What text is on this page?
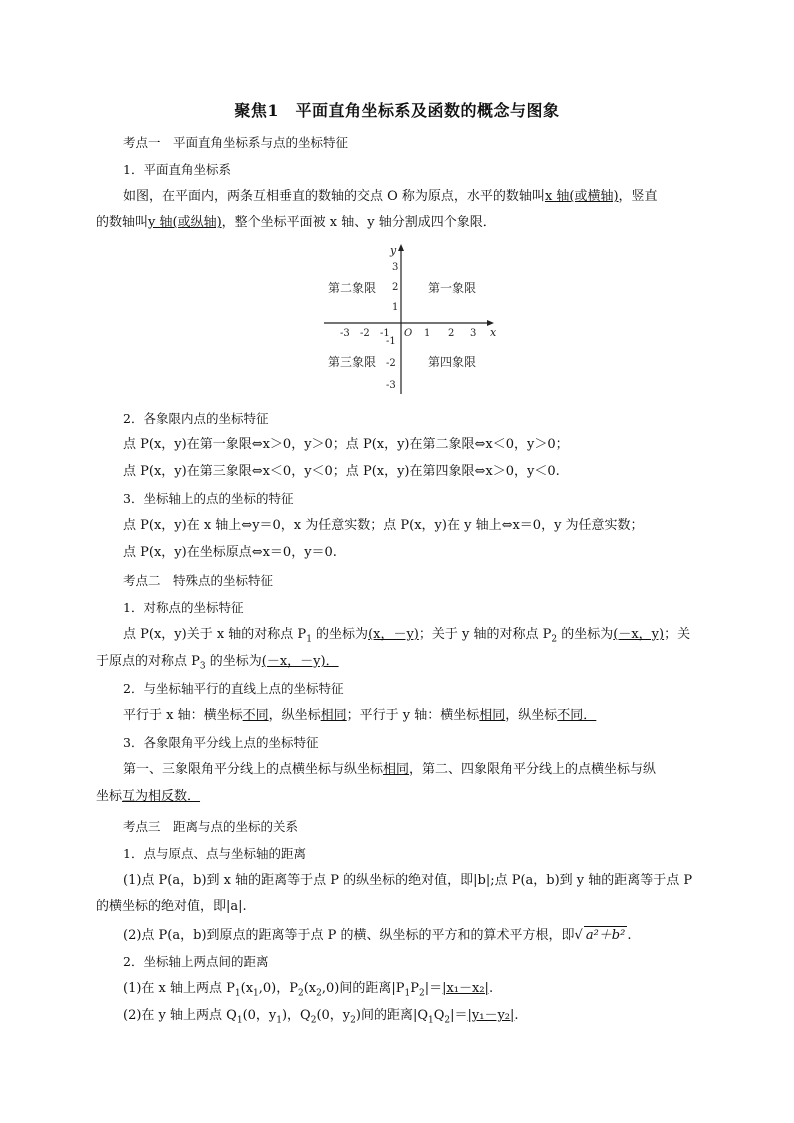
聚焦1　平面直角坐标系及函数的概念与图象
考点一　平面直角坐标系与点的坐标特征
1．平面直角坐标系
如图，在平面内，两条互相垂直的数轴的交点 O 称为原点，水平的数轴叫x 轴(或横轴)，竖直
的数轴叫y 轴(或纵轴)，整个坐标平面被 x 轴、y 轴分割成四个象限．
x
y
O
-3 -2 -1	1 2 3
3
2
1
-1
-2
-3
第二象限	第一象限
第三象限	第四象限
2．各象限内点的坐标特征
点 P(x，y)在第一象限⇔x＞0，y＞0；点 P(x，y)在第二象限⇔x＜0，y＞0；
点 P(x，y)在第三象限⇔x＜0，y＜0；点 P(x，y)在第四象限⇔x＞0，y＜0.
3．坐标轴上的点的坐标的特征
点 P(x，y)在 x 轴上⇔y＝0，x 为任意实数；点 P(x，y)在 y 轴上⇔x＝0，y 为任意实数；
点 P(x，y)在坐标原点⇔x＝0，y＝0.
考点二　特殊点的坐标特征
1．对称点的坐标特征
点 P(x，y)关于 x 轴的对称点 $P_1$ 的坐标为(x，－y)；关于 y 轴的对称点 $P_2$ 的坐标为(－x，y)；关
于原点的对称点 $P_3$ 的坐标为(－x，－y)．
2．与坐标轴平行的直线上点的坐标特征
平行于 x 轴：横坐标不同，纵坐标相同；平行于 y 轴：横坐标相同，纵坐标不同．
3．各象限角平分线上点的坐标特征
第一、三象限角平分线上的点横坐标与纵坐标相同，第二、四象限角平分线上的点横坐标与纵
坐标互为相反数．
考点三　距离与点的坐标的关系
1．点与原点、点与坐标轴的距离
(1)点 P(a，b)到 x 轴的距离等于点 P 的纵坐标的绝对值，即|b|;点 P(a，b)到 y 轴的距离等于点 P
的横坐标的绝对值，即|a|.
(2)点 P(a，b)到原点的距离等于点 P 的横、纵坐标的平方和的算术平方根，即√ a²＋b² .
2．坐标轴上两点间的距离
(1)在 x 轴上两点 $P_1(x_1,0)$，$P_2(x_2,0)$间的距离$|P_1P_2|=|x_1-x_2|$.
(2)在 y 轴上两点 $Q_1(0$，$y_1$)，$Q_2(0$，$y_2$)间的距离$|Q_1Q_2|=|y_1-y_2|$.
